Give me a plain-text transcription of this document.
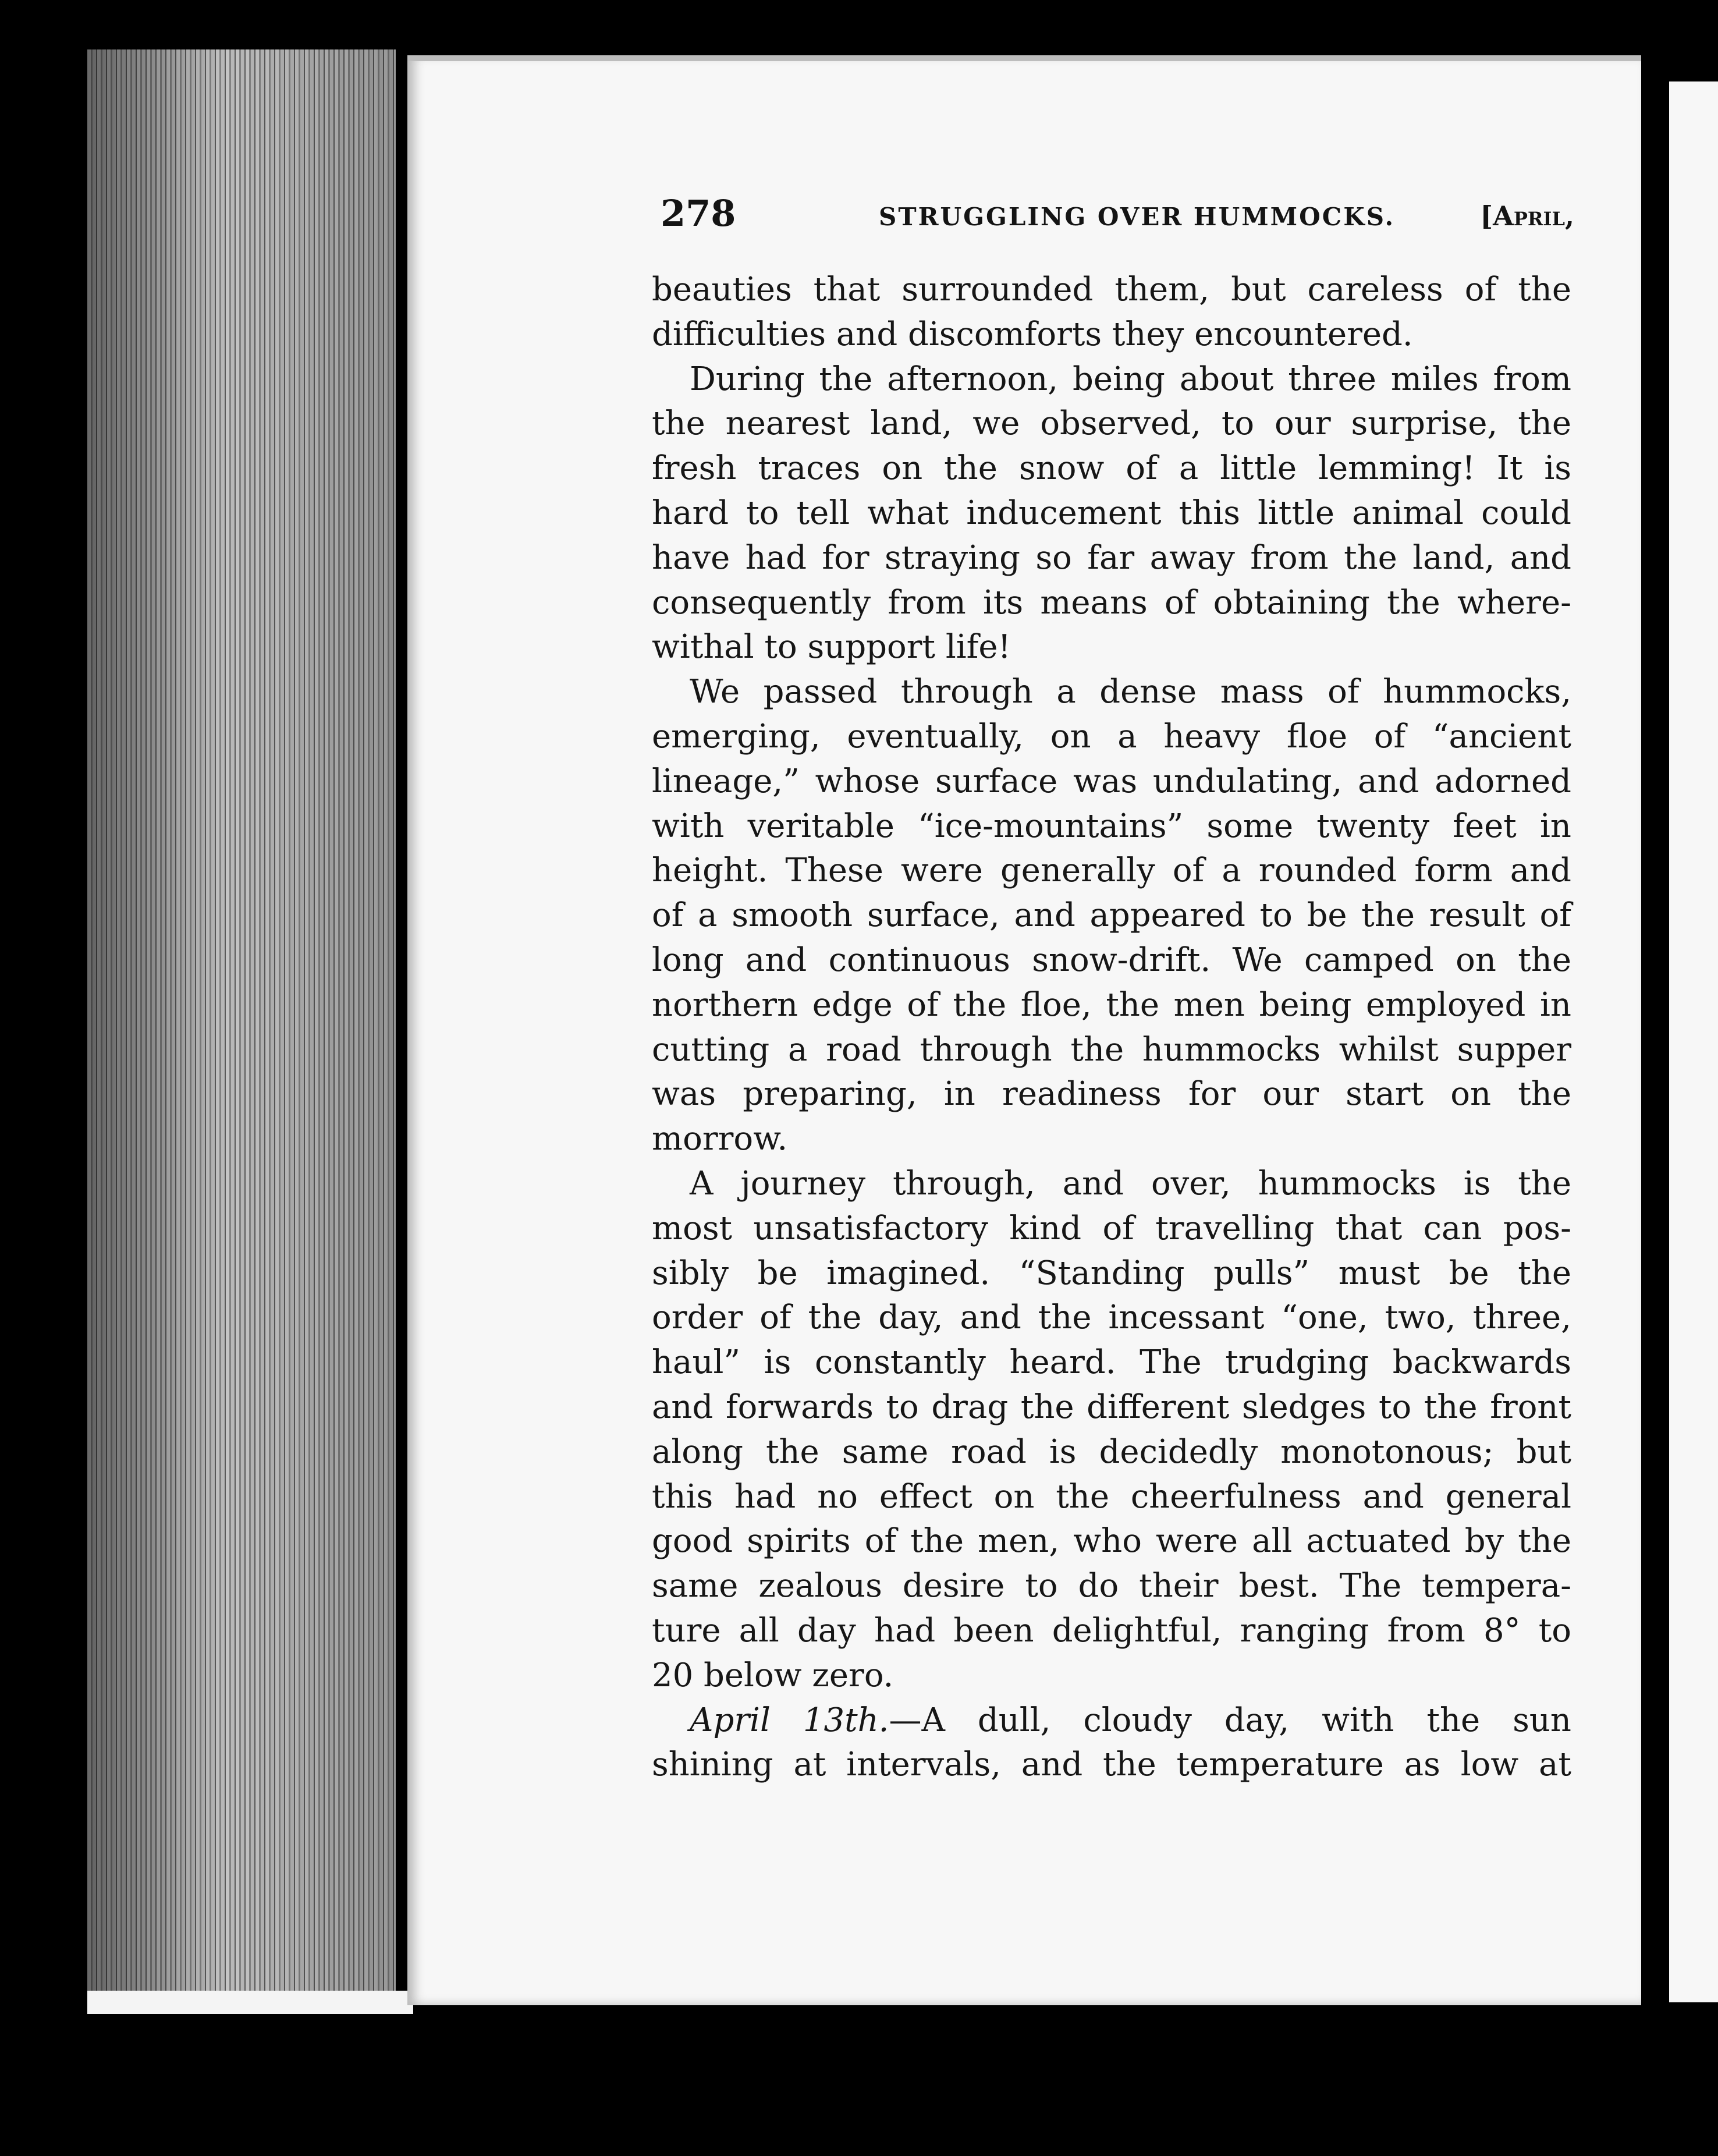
278	STRUGGLING OVER HUMMOCKS.	[April,

beauties that surrounded them, but careless of the
difficulties and discomforts they encountered.

During the afternoon, being about three miles from
the nearest land, we observed, to our surprise, the
fresh traces on the snow of a little lemming! It is
hard to tell what inducement this little animal could
have had for straying so far away from the land, and
consequently from its means of obtaining the where-
withal to support life!

We passed through a dense mass of hummocks,
emerging, eventually, on a heavy floe of “ancient
lineage,” whose surface was undulating, and adorned
with veritable “ice-mountains” some twenty feet in
height. These were generally of a rounded form and
of a smooth surface, and appeared to be the result of
long and continuous snow-drift. We camped on the
northern edge of the floe, the men being employed in
cutting a road through the hummocks whilst supper
was preparing, in readiness for our start on the
morrow.

A journey through, and over, hummocks is the
most unsatisfactory kind of travelling that can pos-
sibly be imagined. “Standing pulls” must be the
order of the day, and the incessant “one, two, three,
haul” is constantly heard. The trudging backwards
and forwards to drag the different sledges to the front
along the same road is decidedly monotonous; but
this had no effect on the cheerfulness and general
good spirits of the men, who were all actuated by the
same zealous desire to do their best. The tempera-
ture all day had been delightful, ranging from 8° to
20 below zero.

April 13th.—A dull, cloudy day, with the sun
shining at intervals, and the temperature as low at
